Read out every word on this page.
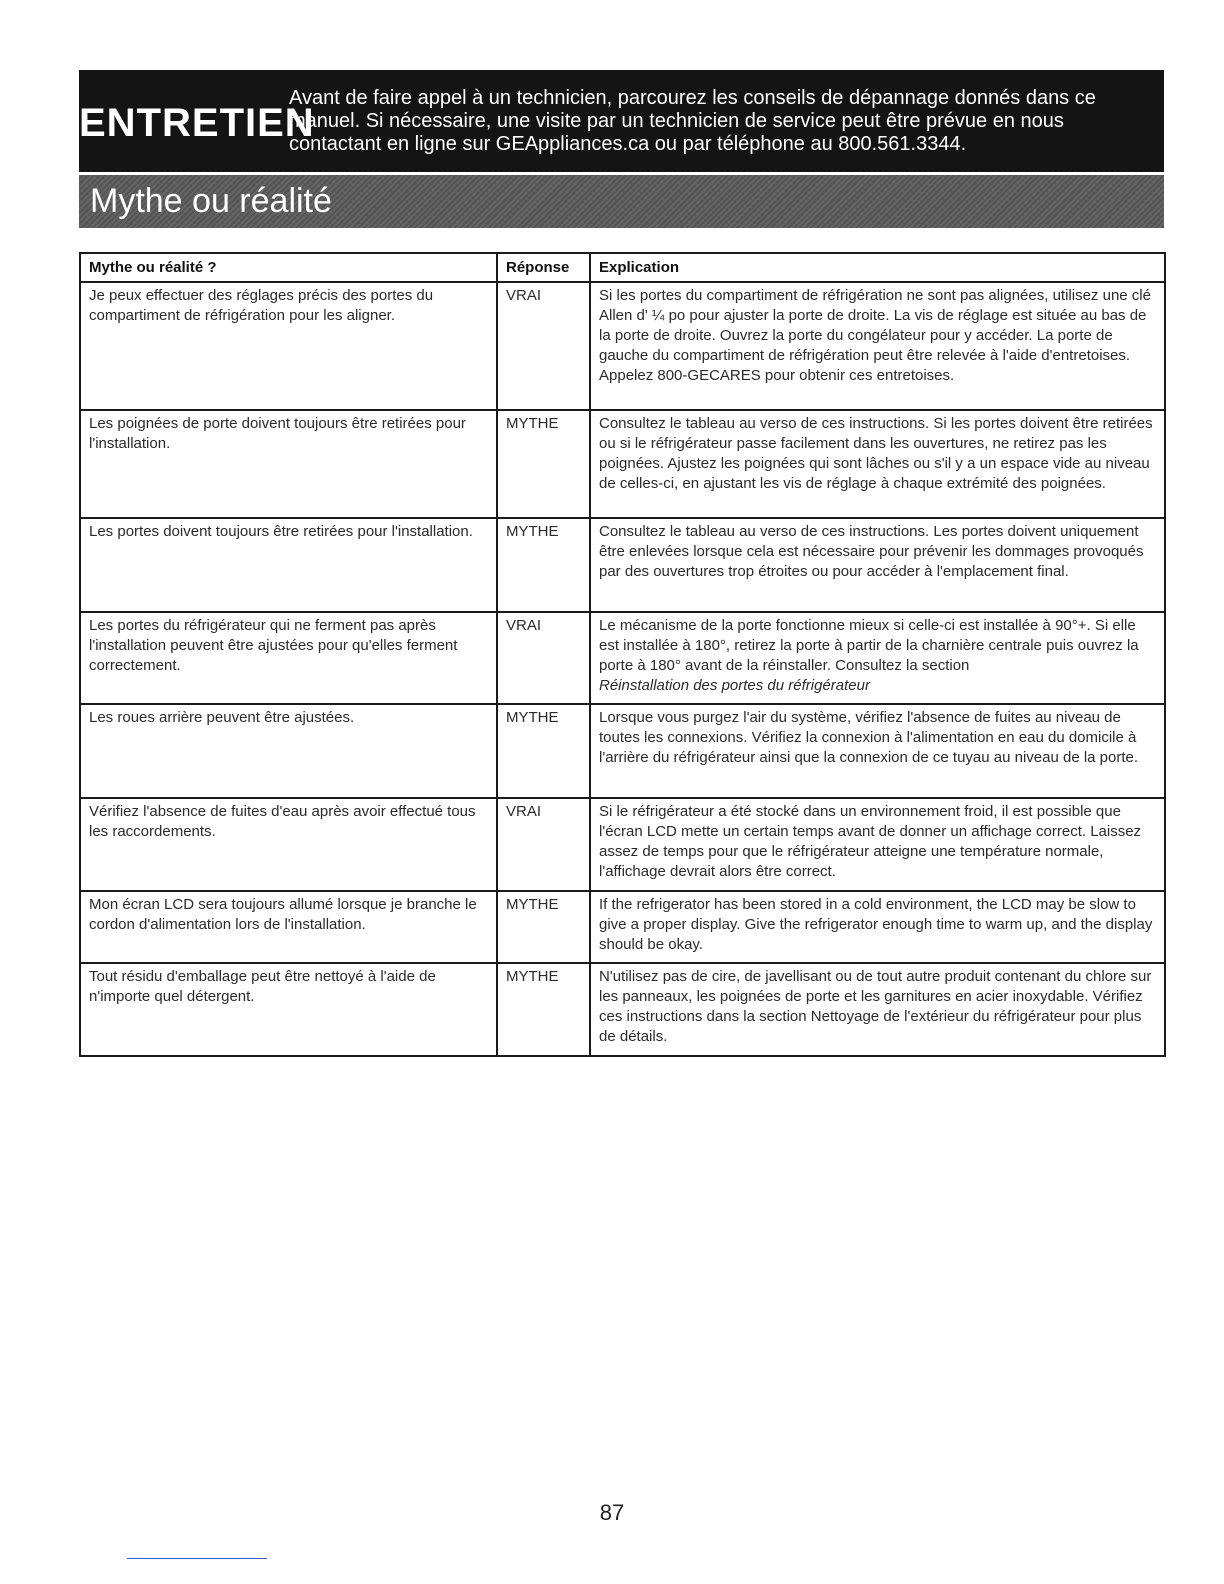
ENTRETIEN
Avant de faire appel à un technicien, parcourez les conseils de dépannage donnés dans ce manuel. Si nécessaire, une visite par un technicien de service peut être prévue en nous contactant en ligne sur GEAppliances.ca ou par téléphone au 800.561.3344.
Mythe ou réalité
Mythe ou réalité ?	Réponse	Explication
Je peux effectuer des réglages précis des portes du compartiment de réfrigération pour les aligner.	VRAI	Si les portes du compartiment de réfrigération ne sont pas alignées, utilisez une clé Allen d' ¼ po pour ajuster la porte de droite. La vis de réglage est située au bas de la porte de droite. Ouvrez la porte du congélateur pour y accéder. La porte de gauche du compartiment de réfrigération peut être relevée à l'aide d'entretoises. Appelez 800-GECARES pour obtenir ces entretoises.
Les poignées de porte doivent toujours être retirées pour l'installation.	MYTHE	Consultez le tableau au verso de ces instructions. Si les portes doivent être retirées ou si le réfrigérateur passe facilement dans les ouvertures, ne retirez pas les poignées. Ajustez les poignées qui sont lâches ou s'il y a un espace vide au niveau de celles-ci, en ajustant les vis de réglage à chaque extrémité des poignées.
Les portes doivent toujours être retirées pour l'installation.	MYTHE	Consultez le tableau au verso de ces instructions. Les portes doivent uniquement être enlevées lorsque cela est nécessaire pour prévenir les dommages provoqués par des ouvertures trop étroites ou pour accéder à l'emplacement final.
Les portes du réfrigérateur qui ne ferment pas après l'installation peuvent être ajustées pour qu'elles ferment correctement.	VRAI	Le mécanisme de la porte fonctionne mieux si celle-ci est installée à 90°+. Si elle est installée à 180°, retirez la porte à partir de la charnière centrale puis ouvrez la porte à 180° avant de la réinstaller. Consultez la section
Réinstallation des portes du réfrigérateur
Les roues arrière peuvent être ajustées.	MYTHE	Lorsque vous purgez l'air du système, vérifiez l'absence de fuites au niveau de toutes les connexions. Vérifiez la connexion à l'alimentation en eau du domicile à l'arrière du réfrigérateur ainsi que la connexion de ce tuyau au niveau de la porte.
Vérifiez l'absence de fuites d'eau après avoir effectué tous les raccordements.	VRAI	Si le réfrigérateur a été stocké dans un environnement froid, il est possible que l'écran LCD mette un certain temps avant de donner un affichage correct. Laissez assez de temps pour que le réfrigérateur atteigne une température normale, l'affichage devrait alors être correct.
Mon écran LCD sera toujours allumé lorsque je branche le cordon d'alimentation lors de l'installation.	MYTHE	If the refrigerator has been stored in a cold environment, the LCD may be slow to give a proper display. Give the refrigerator enough time to warm up, and the display should be okay.
Tout résidu d'emballage peut être nettoyé à l'aide de n'importe quel détergent.	MYTHE	N'utilisez pas de cire, de javellisant ou de tout autre produit contenant du chlore sur les panneaux, les poignées de porte et les garnitures en acier inoxydable. Vérifiez ces instructions dans la section Nettoyage de l'extérieur du réfrigérateur pour plus de détails.
87
